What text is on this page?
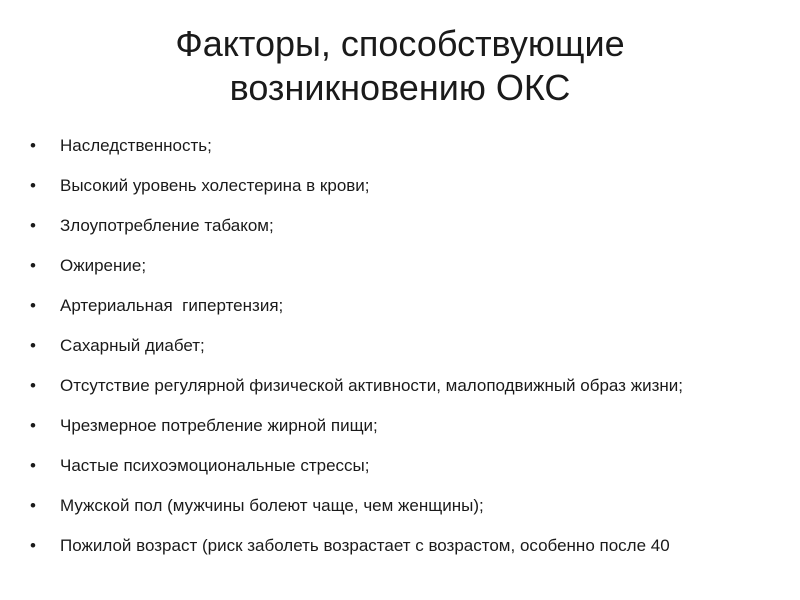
Факторы, способствующие
возникновению ОКС
•	Наследственность;
•	Высокий уровень холестерина в крови;
•	Злоупотребление табаком;
•	Ожирение;
•	Артериальная  гипертензия;
•	Сахарный диабет;
•	Отсутствие регулярной физической активности, малоподвижный образ жизни;
•	Чрезмерное потребление жирной пищи;
•	Частые психоэмоциональные стрессы;
•	Мужской пол (мужчины болеют чаще, чем женщины);
•	Пожилой возраст (риск заболеть возрастает с возрастом, особенно после 40
